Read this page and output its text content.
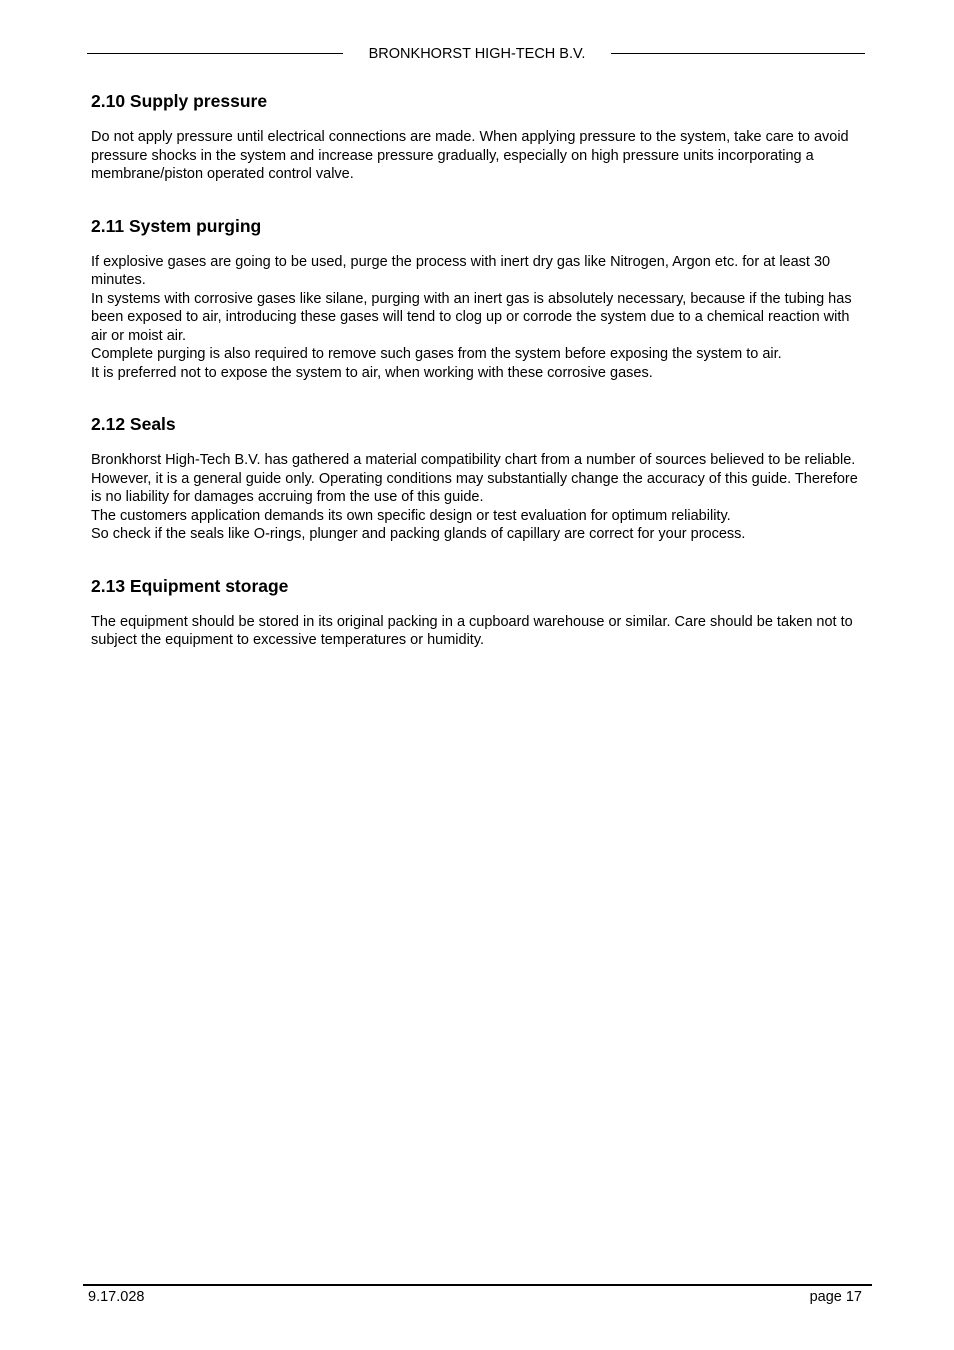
BRONKHORST HIGH-TECH B.V.
2.10 Supply pressure

Do not apply pressure until electrical connections are made. When applying pressure to the system, take care to avoid pressure shocks in the system and increase pressure gradually, especially on high pressure units incorporating a membrane/piston operated control valve.

2.11 System purging

If explosive gases are going to be used, purge the process with inert dry gas like Nitrogen, Argon etc. for at least 30 minutes.

In systems with corrosive gases like silane, purging with an inert gas is absolutely necessary, because if the tubing has been exposed to air, introducing these gases will tend to clog up or corrode the system due to a chemical reaction with air or moist air.

Complete purging is also required to remove such gases from the system before exposing the system to air.

It is preferred not to expose the system to air, when working with these corrosive gases.

2.12 Seals

Bronkhorst High-Tech B.V. has gathered a material compatibility chart from a number of sources believed to be reliable.

However, it is a general guide only. Operating conditions may substantially change the accuracy of this guide. Therefore is no liability for damages accruing from the use of this guide.

The customers application demands its own specific design or test evaluation for optimum reliability.

So check if the seals like O-rings, plunger and packing glands of capillary are correct for your process.

2.13 Equipment storage

The equipment should be stored in its original packing in a cupboard warehouse or similar. Care should be taken not to subject the equipment to excessive temperatures or humidity.

9.17.028	page 17
